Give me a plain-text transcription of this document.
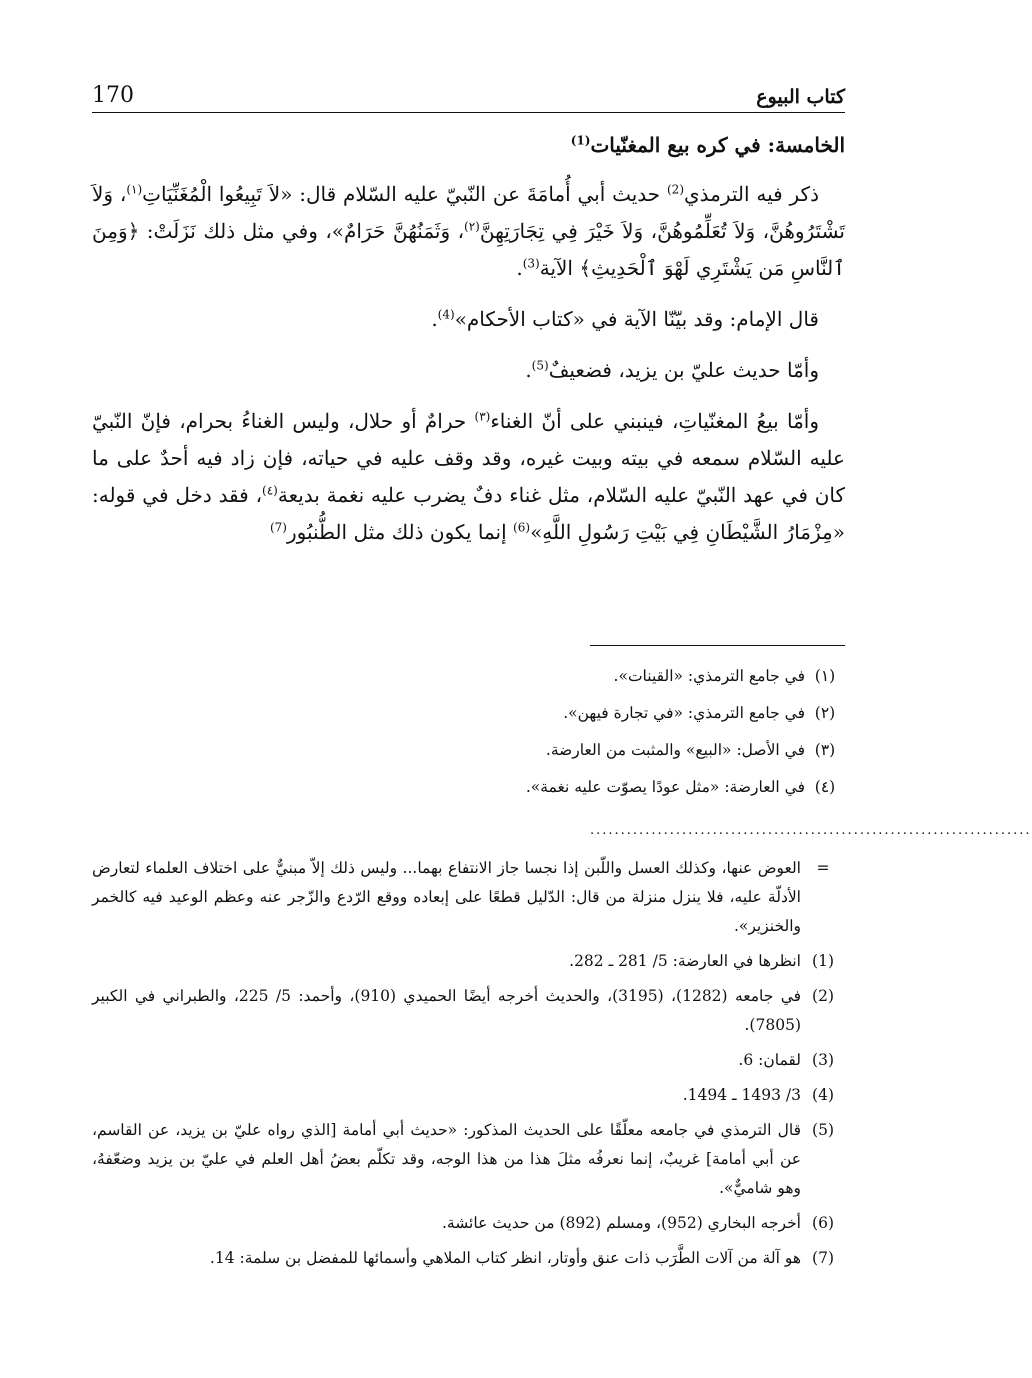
170	كتاب البيوع
الخامسة: في كره بيع المغنّيات$^{(1)}$

ذكر فيه الترمذي$^{(2)}$ حديث أبي أُمامَةَ عن النّبيّ عليه السّلام قال: «لاَ تَبِيعُوا الْمُغَنِّيَاتِ$^{(١)}$، وَلاَ تَشْتَرُوهُنَّ، وَلاَ تُعَلِّمُوهُنَّ، وَلاَ خَيْرَ فِي تِجَارَتِهِنَّ$^{(٢)}$، وَثَمَنُهُنَّ حَرَامٌ»، وفي مثل ذلك نَزَلَتْ: ﴿وَمِنَ ٱلنَّاسِ مَن يَشْتَرِي لَهْوَ ٱلْحَدِيثِ﴾ الآية$^{(3)}$.

قال الإمام: وقد بيّنّا الآية في «كتاب الأحكام»$^{(4)}$.

وأمّا حديث عليّ بن يزيد، فضعيفٌ$^{(5)}$.

وأمّا بيعُ المغنّياتِ، فينبني على أنّ الغناء$^{(٣)}$ حرامٌ أو حلال، وليس الغناءُ بحرام، فإنّ النّبيّ عليه السّلام سمعه في بيته وبيت غيره، وقد وقف عليه في حياته، فإن زاد فيه أحدٌ على ما كان في عهد النّبيّ عليه السّلام، مثل غناء دفٌ يضرب عليه نغمة بديعة$^{(٤)}$، فقد دخل في قوله: «مِزْمَارُ الشَّيْطَانِ فِي بَيْتِ رَسُولِ اللَّهِ»$^{(6)}$ إنما يكون ذلك مثل الطُّنبُور$^{(7)}$

(١)
في جامع الترمذي: «القينات».
(٢)
في جامع الترمذي: «في تجارة فيهن».
(٣)
في الأصل: «البيع» والمثبت من العارضة.
(٤)
في العارضة: «مثل عودًا يصوّت عليه نغمة».
........................................................................
=
العوض عنها، وكذلك العسل واللّبن إذا نجسا جاز الانتفاع بهما... وليس ذلك إلاّ مبنيٌّ على اختلاف العلماء لتعارض الأدلّة عليه، فلا ينزل منزلة من قال: الدّليل قطعًا على إبعاده ووقع الرّدع والزّجر عنه وعظم الوعيد فيه كالخمر والخنزير».
(1)
انظرها في العارضة: 5/ 281 ـ 282.
(2)
في جامعه (1282)، (3195)، والحديث أخرجه أيضًا الحميدي (910)، وأحمد: 5/ 225، والطبراني في الكبير (7805).
(3)
لقمان: 6.
(4)
3/ 1493 ـ 1494.
(5)
قال الترمذي في جامعه معلّقًا على الحديث المذكور: «حديث أبي أمامة [الذي رواه عليّ بن يزيد، عن القاسم، عن أبي أمامة] غريبٌ، إنما نعرفُه مثلَ هذا من هذا الوجه، وقد تكلّم بعضُ أهل العلم في عليّ بن يزيد وضعّفهُ، وهو شاميٌّ».
(6)
أخرجه البخاري (952)، ومسلم (892) من حديث عائشة.
(7)
هو آلة من آلات الطَّرَب ذات عنق وأوتار، انظر كتاب الملاهي وأسمائها للمفضل بن سلمة: 14.
